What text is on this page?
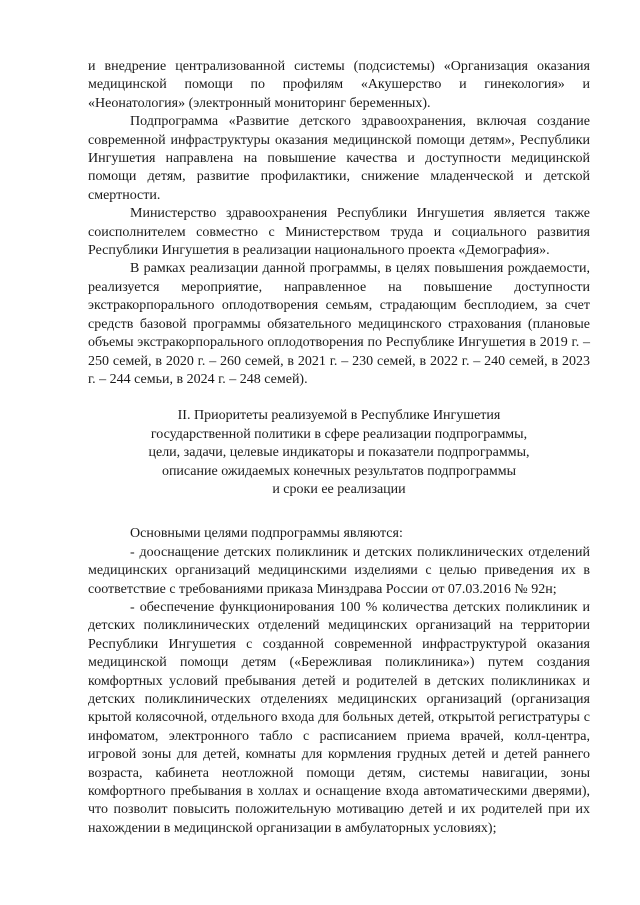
и внедрение централизованной системы (подсистемы) «Организация оказания медицинской помощи по профилям «Акушерство и гинекология» и «Неонатология» (электронный мониторинг беременных).

Подпрограмма «Развитие детского здравоохранения, включая создание современной инфраструктуры оказания медицинской помощи детям», Республики Ингушетия направлена на повышение качества и доступности медицинской помощи детям, развитие профилактики, снижение младенческой и детской смертности.

Министерство здравоохранения Республики Ингушетия является также соисполнителем совместно с Министерством труда и социального развития Республики Ингушетия в реализации национального проекта «Демография».

В рамках реализации данной программы, в целях повышения рождаемости, реализуется мероприятие, направленное на повышение доступности экстракорпорального оплодотворения семьям, страдающим бесплодием, за счет средств базовой программы обязательного медицинского страхования (плановые объемы экстракорпорального оплодотворения по Республике Ингушетия в 2019 г. – 250 семей, в 2020 г. – 260 семей, в 2021 г. – 230 семей, в 2022 г. – 240 семей, в 2023 г. – 244 семьи, в 2024 г. – 248 семей).

II. Приоритеты реализуемой в Республике Ингушетия

государственной политики в сфере реализации подпрограммы,

цели, задачи, целевые индикаторы и показатели подпрограммы,

описание ожидаемых конечных результатов подпрограммы

и сроки ее реализации

Основными целями подпрограммы являются:

- дооснащение детских поликлиник и детских поликлинических отделений медицинских организаций медицинскими изделиями с целью приведения их в соответствие с требованиями приказа Минздрава России от 07.03.2016 № 92н;

- обеспечение функционирования 100 % количества детских поликлиник и детских поликлинических отделений медицинских организаций на территории Республики Ингушетия с созданной современной инфраструктурой оказания медицинской помощи детям («Бережливая поликлиника») путем создания комфортных условий пребывания детей и родителей в детских поликлиниках и детских поликлинических отделениях медицинских организаций (организация крытой колясочной, отдельного входа для больных детей, открытой регистратуры с инфоматом, электронного табло с расписанием приема врачей, колл-центра, игровой зоны для детей, комнаты для кормления грудных детей и детей раннего возраста, кабинета неотложной помощи детям, системы навигации, зоны комфортного пребывания в холлах и оснащение входа автоматическими дверями), что позволит повысить положительную мотивацию детей и их родителей при их нахождении в медицинской организации в амбулаторных условиях);
